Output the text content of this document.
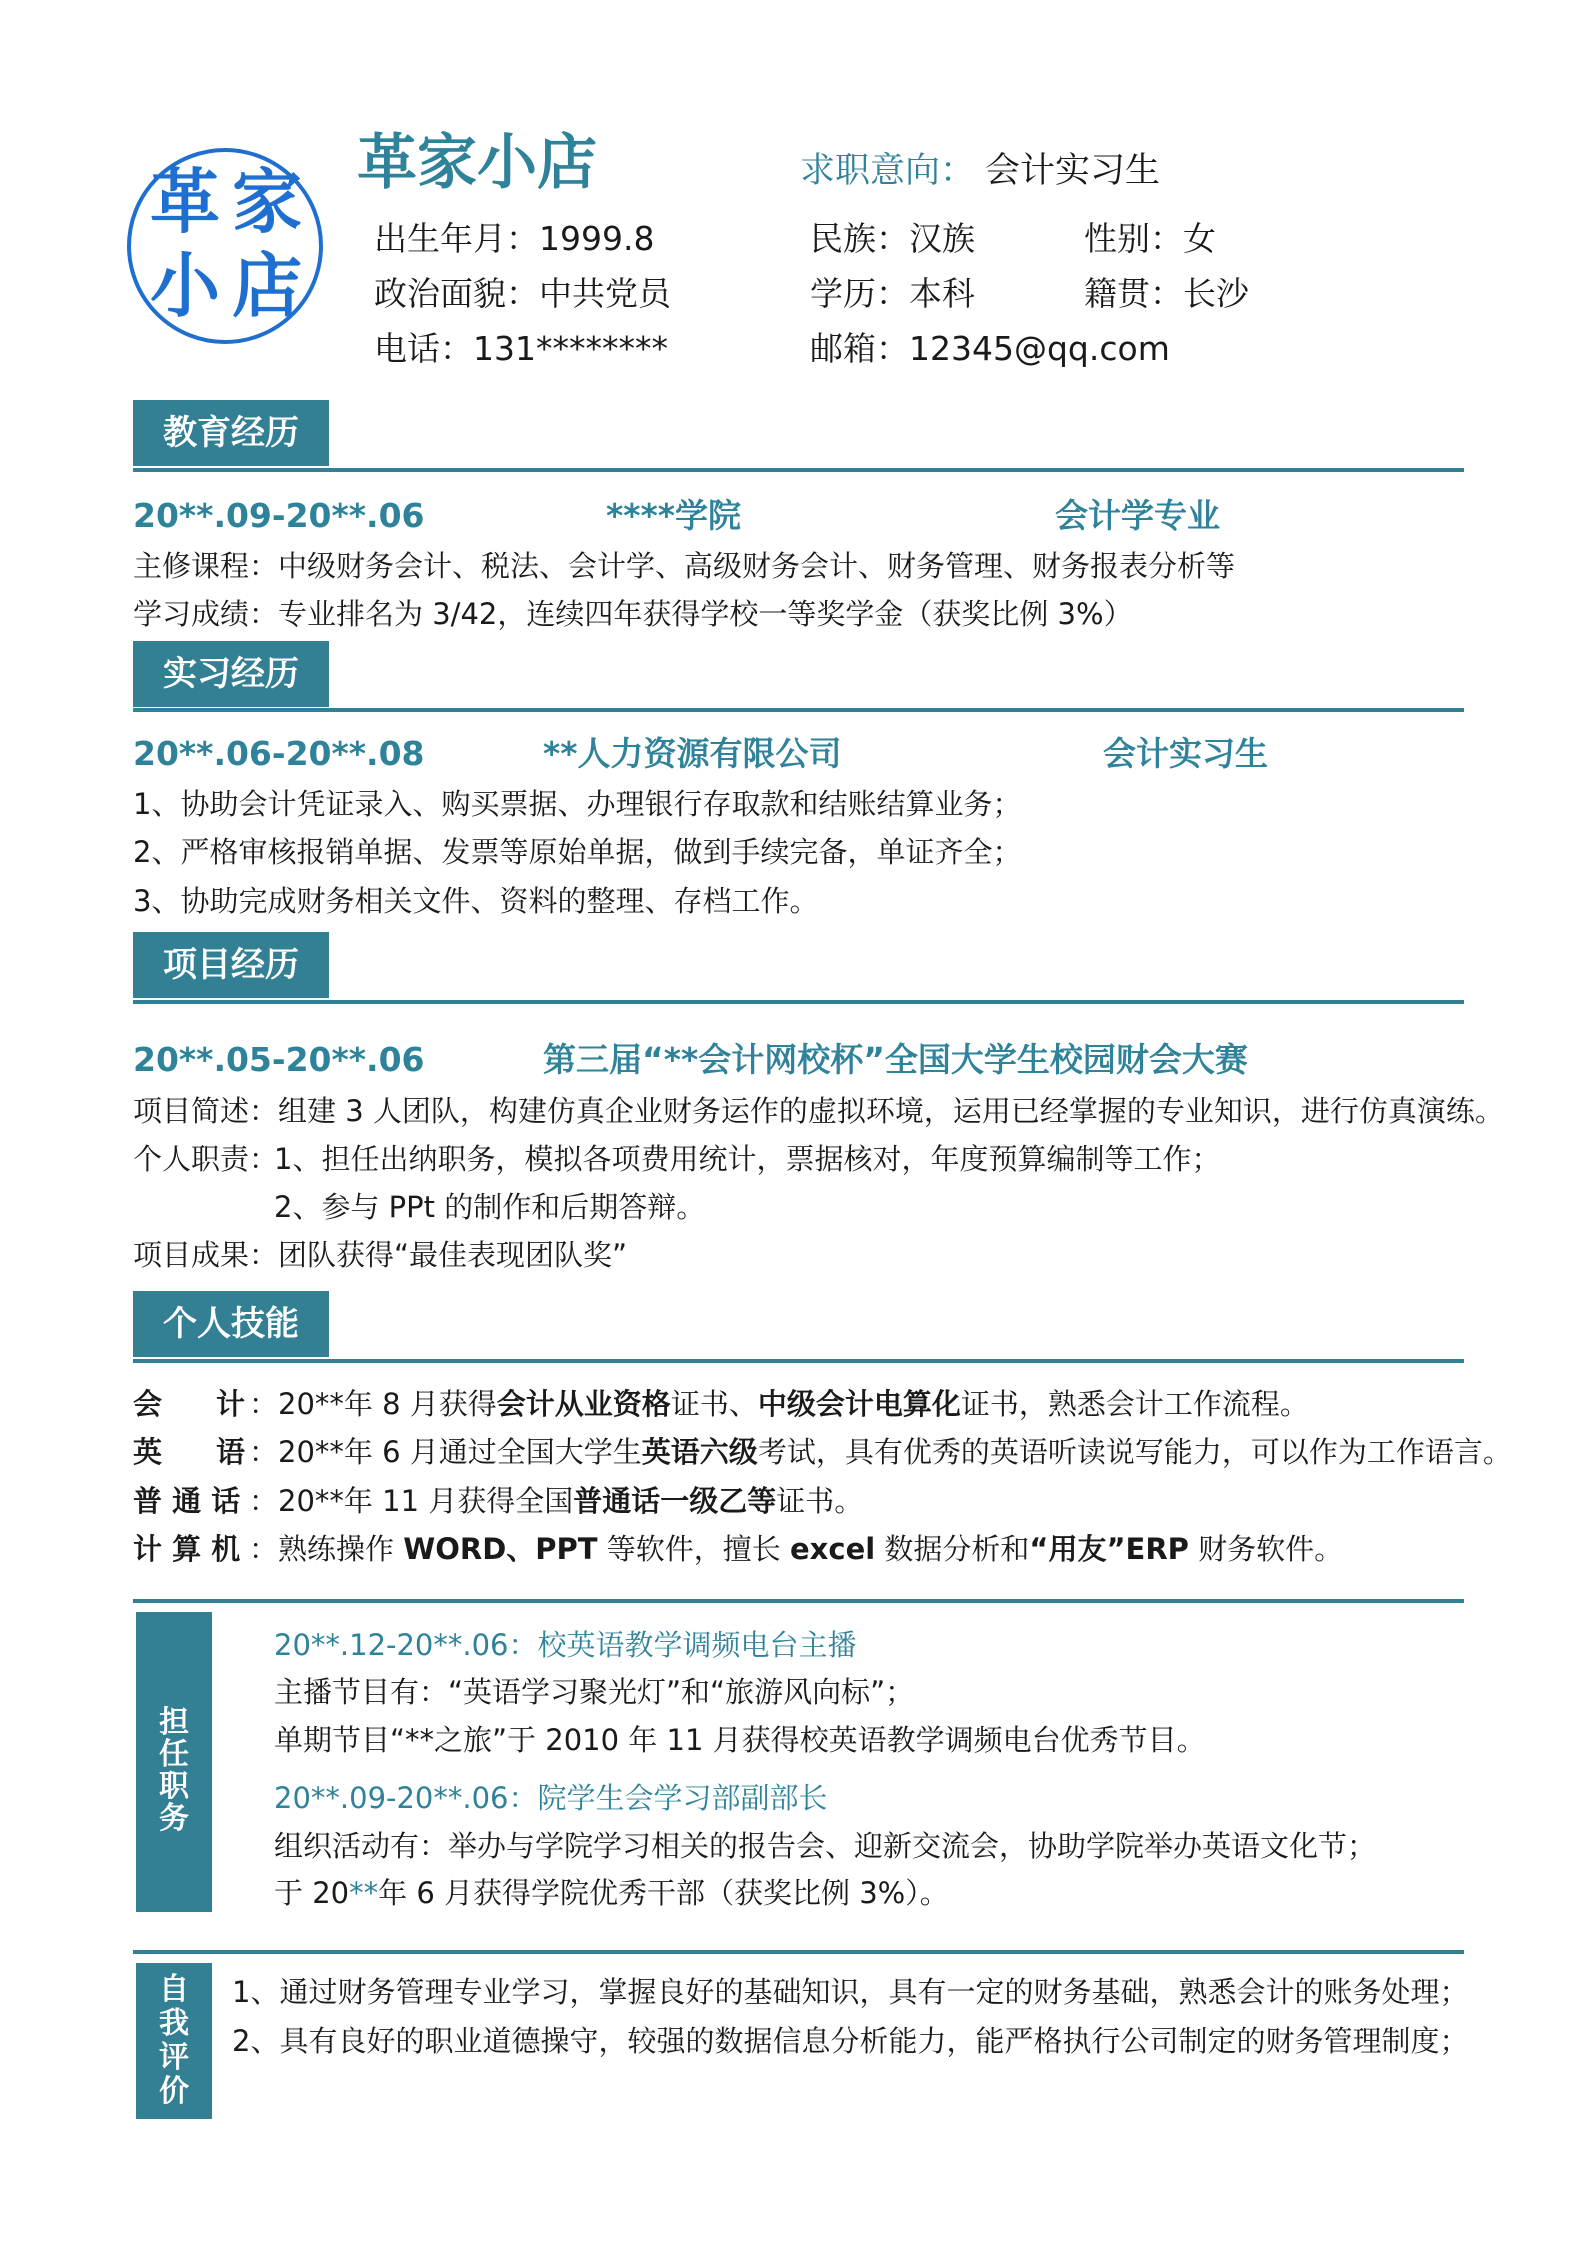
革 家
小 店
革家小店	求职意向： 会计实习生
出生年月：1999.8	民族：汉族	性别：女
政治面貌：中共党员	学历：本科	籍贯：长沙
电话：131********	邮箱：12345@qq.com
教育经历
20**.09-20**.06	****学院	会计学专业
主修课程：中级财务会计、税法、会计学、高级财务会计、财务管理、财务报表分析等
学习成绩：专业排名为 3/42，连续四年获得学校一等奖学金（获奖比例 3%）
实习经历
20**.06-20**.08	**人力资源有限公司	会计实习生
1、协助会计凭证录入、购买票据、办理银行存取款和结账结算业务；
2、严格审核报销单据、发票等原始单据，做到手续完备，单证齐全；
3、协助完成财务相关文件、资料的整理、存档工作。
项目经历
20**.05-20**.06	第三届“**会计网校杯”全国大学生校园财会大赛
项目简述：组建 3 人团队，构建仿真企业财务运作的虚拟环境，运用已经掌握的专业知识，进行仿真演练。
个人职责：
1、担任出纳职务，模拟各项费用统计，票据核对，年度预算编制等工作；
2、参与 PPt 的制作和后期答辩。
项目成果：团队获得“最佳表现团队奖”
个人技能
会 计 ：20**年 8 月获得会计从业资格证书、中级会计电算化证书，熟悉会计工作流程。
英 语 ：20**年 6 月通过全国大学生英语六级考试，具有优秀的英语听读说写能力，可以作为工作语言。
普 通 话 ：20**年 11 月获得全国普通话一级乙等证书。
计 算 机 ：熟练操作 WORD、PPT 等软件，擅长 excel 数据分析和“用友”ERP 财务软件。
担
任
职
务
20**.12-20**.06：校英语教学调频电台主播
主播节目有：“英语学习聚光灯”和“旅游风向标”；
单期节目“**之旅”于 2010 年 11 月获得校英语教学调频电台优秀节目。
20**.09-20**.06：院学生会学习部副部长
组织活动有：举办与学院学习相关的报告会、迎新交流会，协助学院举办英语文化节；
于 20**年 6 月获得学院优秀干部（获奖比例 3%）。
自
我
评
价
1、通过财务管理专业学习，掌握良好的基础知识，具有一定的财务基础，熟悉会计的账务处理；
2、具有良好的职业道德操守，较强的数据信息分析能力，能严格执行公司制定的财务管理制度；
